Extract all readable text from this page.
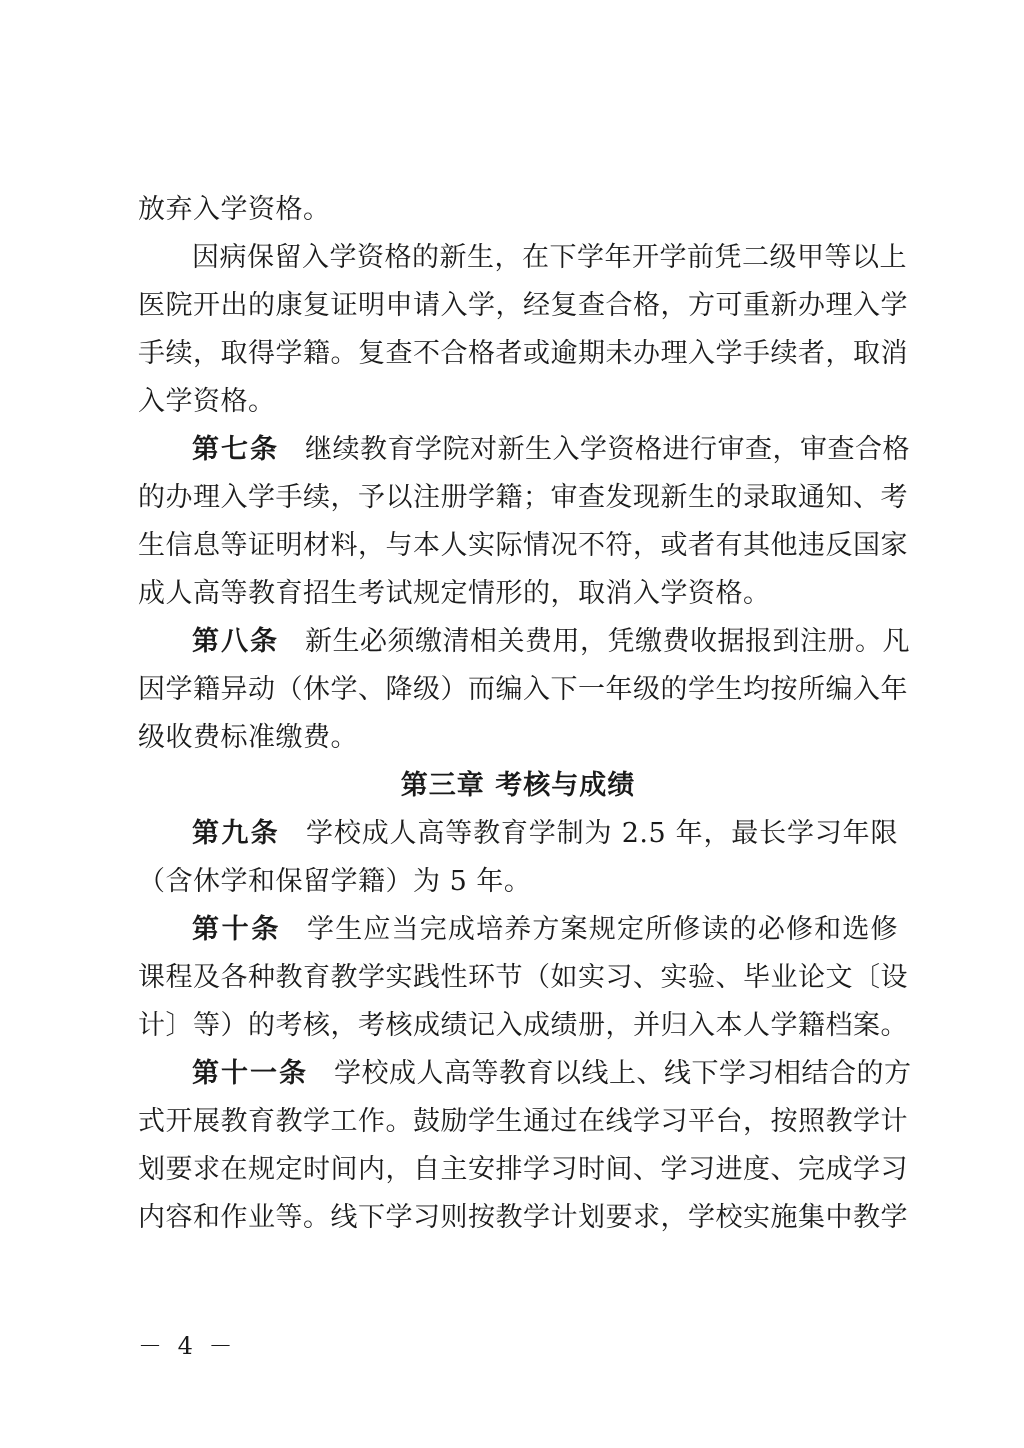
放弃入学资格。
因病保留入学资格的新生，在下学年开学前凭二级甲等以上
医院开出的康复证明申请入学，经复查合格，方可重新办理入学
手续，取得学籍。复查不合格者或逾期未办理入学手续者，取消
入学资格。
第七条 继续教育学院对新生入学资格进行审查，审查合格
的办理入学手续，予以注册学籍；审查发现新生的录取通知、考
生信息等证明材料，与本人实际情况不符，或者有其他违反国家
成人高等教育招生考试规定情形的，取消入学资格。
第八条 新生必须缴清相关费用，凭缴费收据报到注册。凡
因学籍异动（休学、降级）而编入下一年级的学生均按所编入年
级收费标准缴费。
第三章 考核与成绩
第九条 学校成人高等教育学制为 2.5 年，最长学习年限
（含休学和保留学籍）为 5 年。
第十条 学生应当完成培养方案规定所修读的必修和选修
课程及各种教育教学实践性环节（如实习、实验、毕业论文〔设
计〕等）的考核，考核成绩记入成绩册，并归入本人学籍档案。
第十一条 学校成人高等教育以线上、线下学习相结合的方
式开展教育教学工作。鼓励学生通过在线学习平台，按照教学计
划要求在规定时间内，自主安排学习时间、学习进度、完成学习
内容和作业等。线下学习则按教学计划要求，学校实施集中教学
－ 4 －
